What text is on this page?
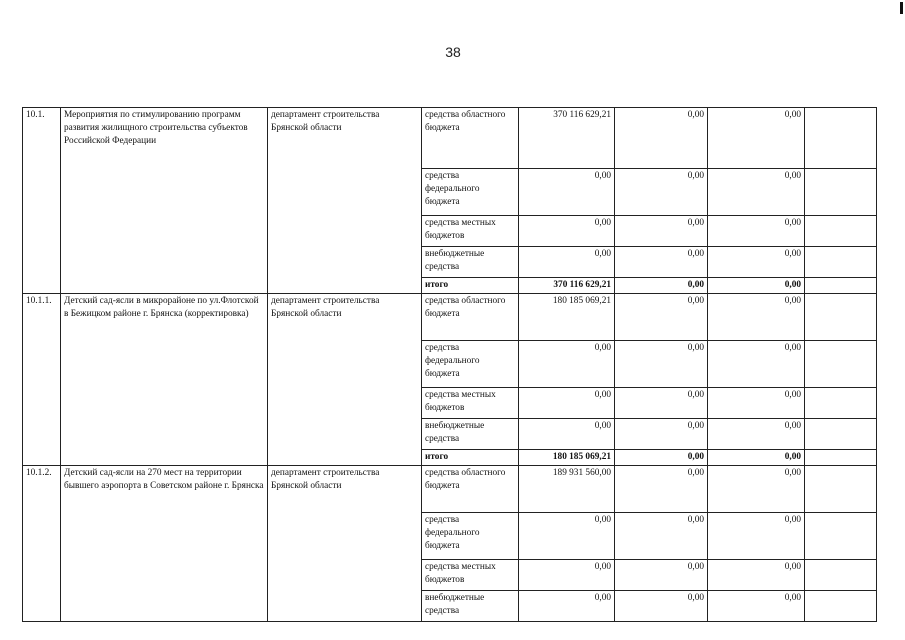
38
10.1.	Мероприятия по стимулированию программ развития жилищного строительства субъектов Российской Федерации	департамент строительства Брянской области	средства областного бюджета	370 116 629,21	0,00	0,00	
			средства федерального бюджета	0,00	0,00	0,00	
			средства местных бюджетов	0,00	0,00	0,00	
			внебюджетные средства	0,00	0,00	0,00	
			итого	370 116 629,21	0,00	0,00	
10.1.1.	Детский сад-ясли в микрорайоне по ул.Флотской в Бежицком районе г. Брянска (корректировка)	департамент строительства Брянской области	средства областного бюджета	180 185 069,21	0,00	0,00	
			средства федерального бюджета	0,00	0,00	0,00	
			средства местных бюджетов	0,00	0,00	0,00	
			внебюджетные средства	0,00	0,00	0,00	
			итого	180 185 069,21	0,00	0,00	
10.1.2.	Детский сад-ясли на 270 мест на территории бывшего аэропорта в Советском районе г. Брянска	департамент строительства Брянской области	средства областного бюджета	189 931 560,00	0,00	0,00	
			средства федерального бюджета	0,00	0,00	0,00	
			средства местных бюджетов	0,00	0,00	0,00	
			внебюджетные средства	0,00	0,00	0,00	
